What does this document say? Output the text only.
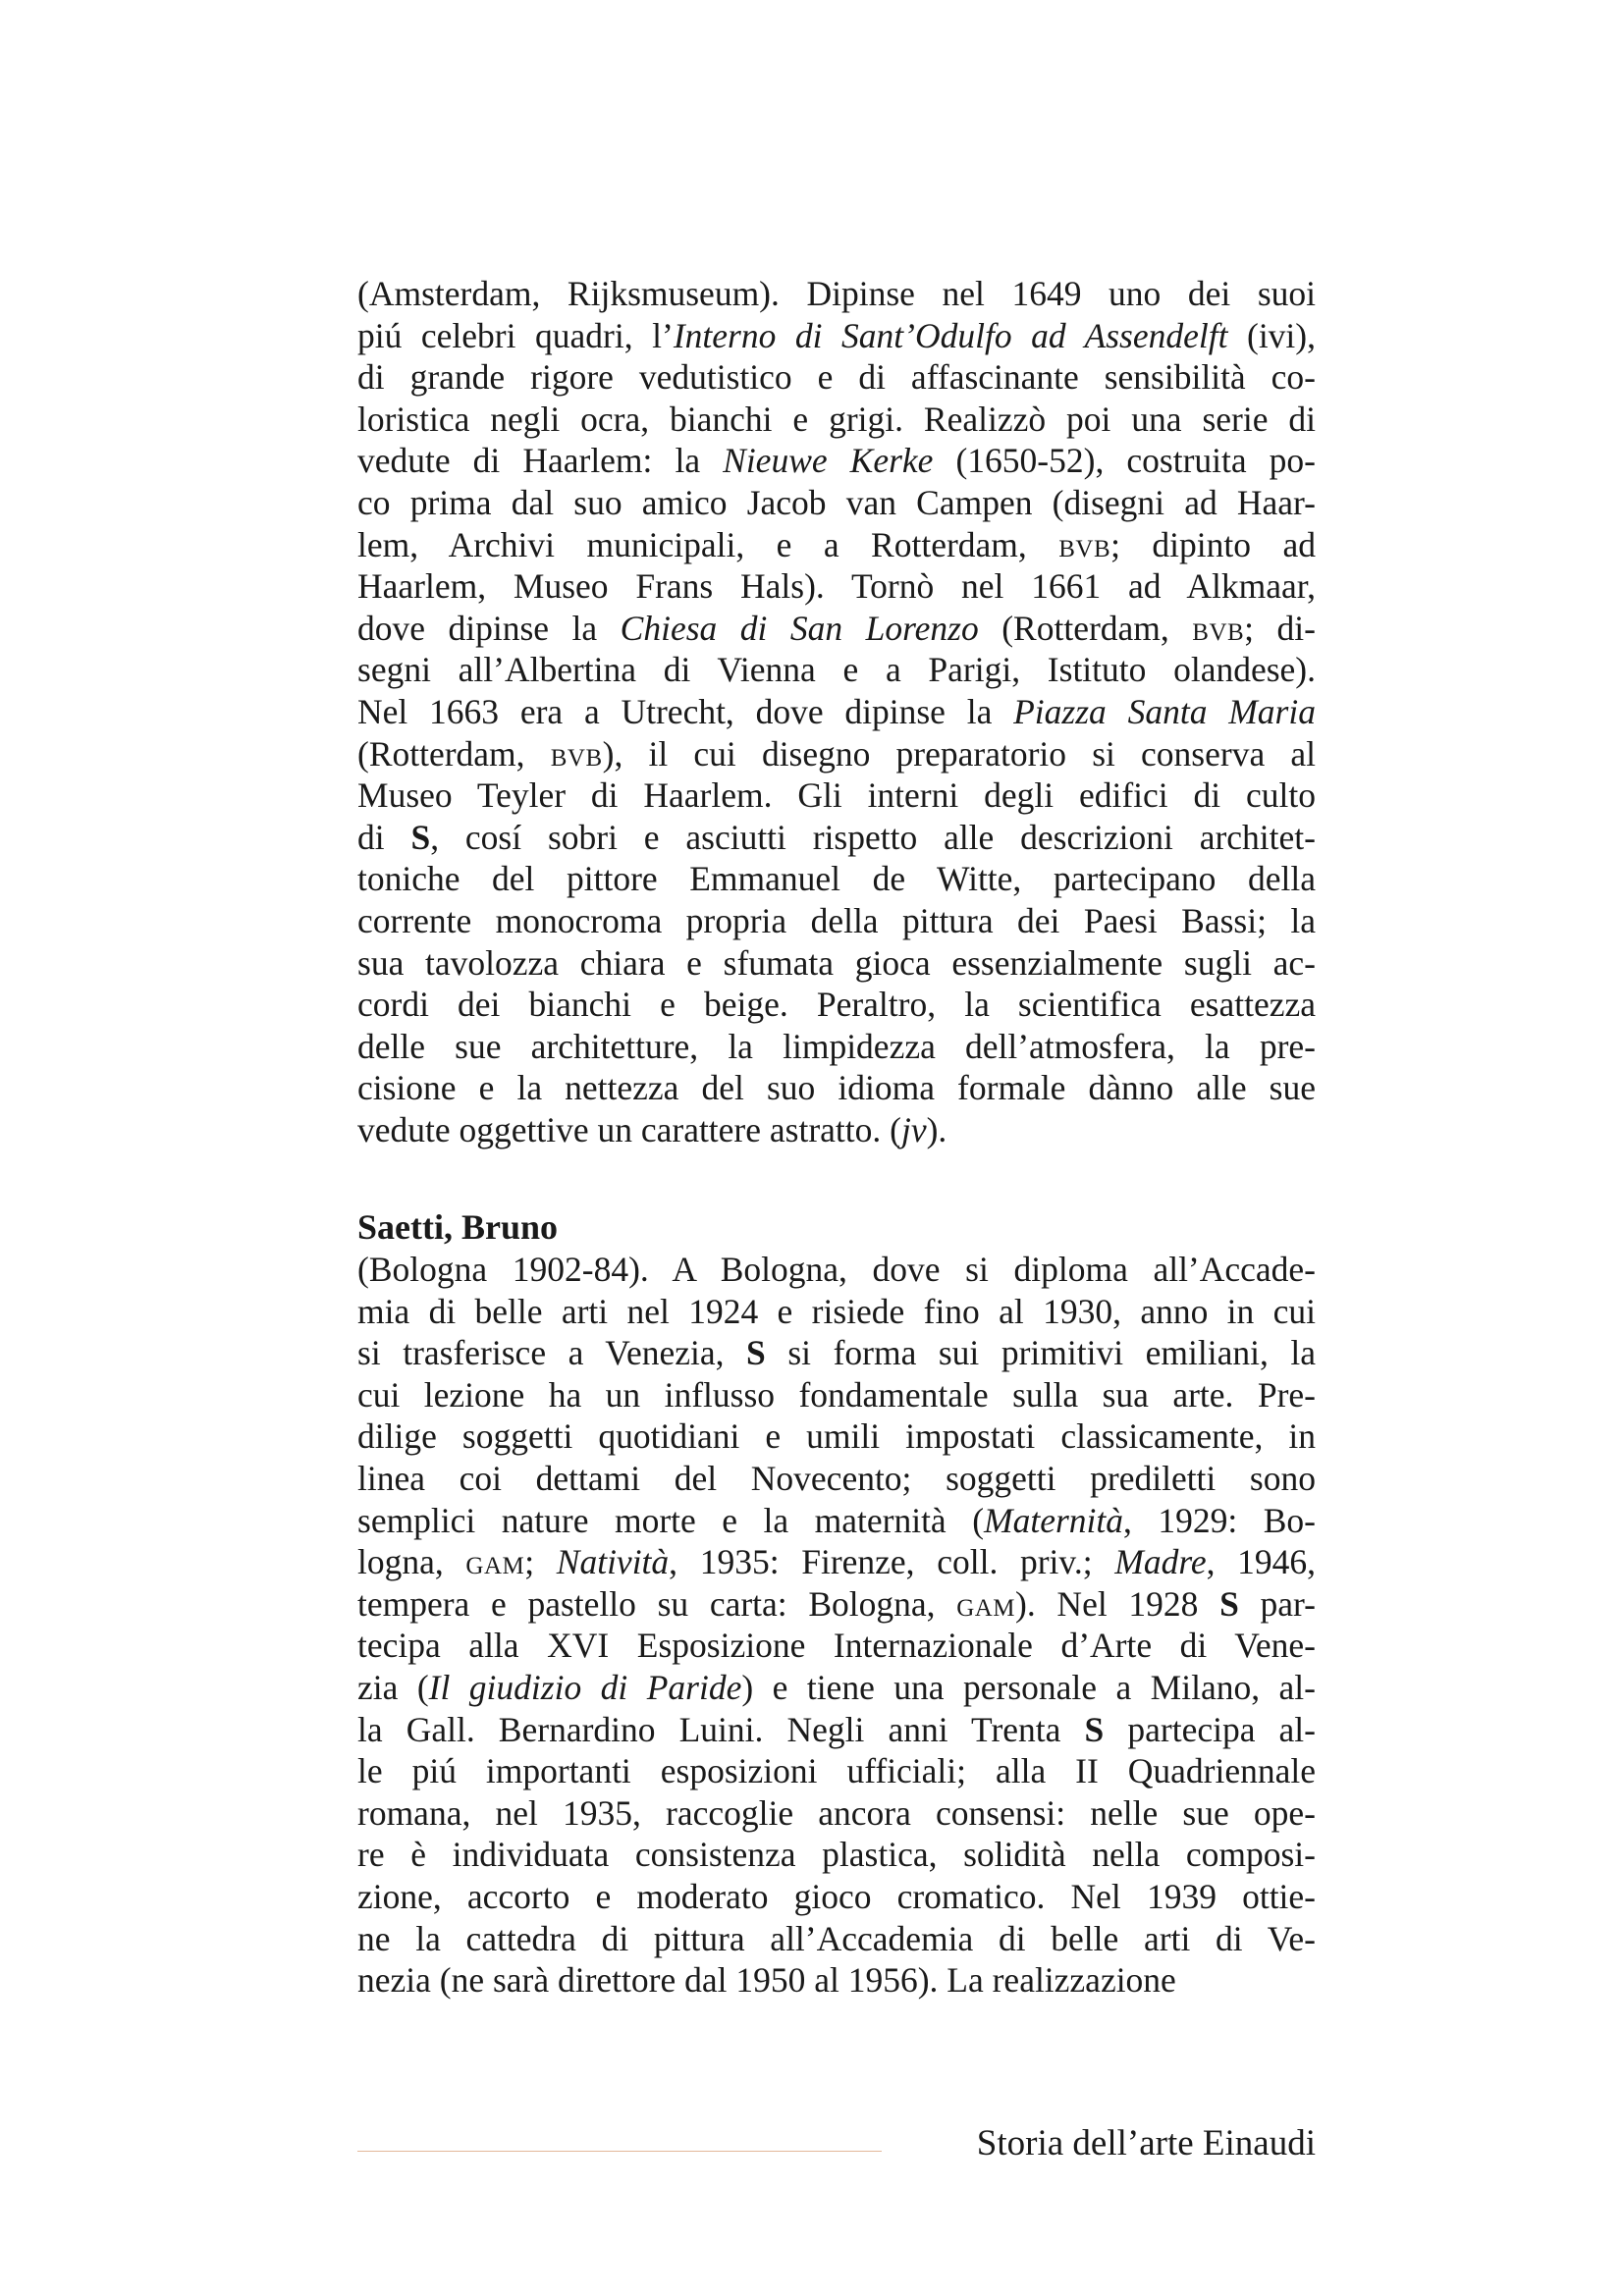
(Amsterdam, Rijksmuseum). Dipinse nel 1649 uno dei suoi
piú celebri quadri, l’Interno di Sant’Odulfo ad Assendelft (ivi),
di grande rigore vedutistico e di affascinante sensibilità co-
loristica negli ocra, bianchi e grigi. Realizzò poi una serie di
vedute di Haarlem: la Nieuwe Kerke (1650-52), costruita po-
co prima dal suo amico Jacob van Campen (disegni ad Haar-
lem, Archivi municipali, e a Rotterdam, bvb; dipinto ad
Haarlem, Museo Frans Hals). Tornò nel 1661 ad Alkmaar,
dove dipinse la Chiesa di San Lorenzo (Rotterdam, bvb; di-
segni all’Albertina di Vienna e a Parigi, Istituto olandese).
Nel 1663 era a Utrecht, dove dipinse la Piazza Santa Maria
(Rotterdam, bvb), il cui disegno preparatorio si conserva al
Museo Teyler di Haarlem. Gli interni degli edifici di culto
di S, cosí sobri e asciutti rispetto alle descrizioni architet-
toniche del pittore Emmanuel de Witte, partecipano della
corrente monocroma propria della pittura dei Paesi Bassi; la
sua tavolozza chiara e sfumata gioca essenzialmente sugli ac-
cordi dei bianchi e beige. Peraltro, la scientifica esattezza
delle sue architetture, la limpidezza dell’atmosfera, la pre-
cisione e la nettezza del suo idioma formale dànno alle sue
vedute oggettive un carattere astratto. (jv).
Saetti, Bruno
(Bologna 1902-84). A Bologna, dove si diploma all’Accade-
mia di belle arti nel 1924 e risiede fino al 1930, anno in cui
si trasferisce a Venezia, S si forma sui primitivi emiliani, la
cui lezione ha un influsso fondamentale sulla sua arte. Pre-
dilige soggetti quotidiani e umili impostati classicamente, in
linea coi dettami del Novecento; soggetti prediletti sono
semplici nature morte e la maternità (Maternità, 1929: Bo-
logna, gam; Natività, 1935: Firenze, coll. priv.; Madre, 1946,
tempera e pastello su carta: Bologna, gam). Nel 1928 S par-
tecipa alla XVI Esposizione Internazionale d’Arte di Vene-
zia (Il giudizio di Paride) e tiene una personale a Milano, al-
la Gall. Bernardino Luini. Negli anni Trenta S partecipa al-
le piú importanti esposizioni ufficiali; alla II Quadriennale
romana, nel 1935, raccoglie ancora consensi: nelle sue ope-
re è individuata consistenza plastica, solidità nella composi-
zione, accorto e moderato gioco cromatico. Nel 1939 ottie-
ne la cattedra di pittura all’Accademia di belle arti di Ve-
nezia (ne sarà direttore dal 1950 al 1956). La realizzazione
Storia dell’arte Einaudi
